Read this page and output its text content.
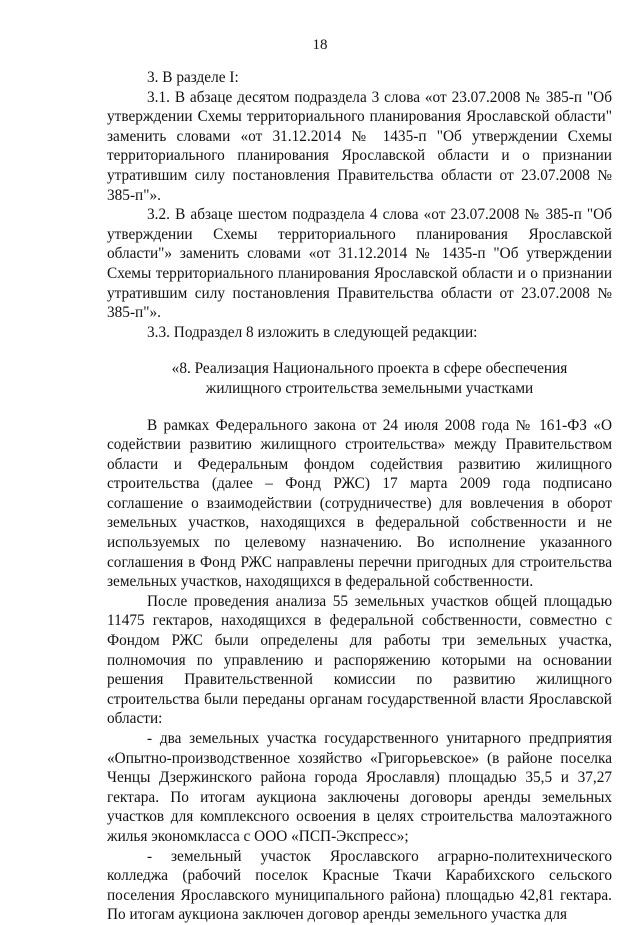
18

3. В разделе I:

3.1. В абзаце десятом подраздела 3 слова «от 23.07.2008 № 385-п "Об утверждении Схемы территориального планирования Ярославской области" заменить словами «от 31.12.2014 № 1435-п "Об утверждении Схемы территориального планирования Ярославской области и о признании утратившим силу постановления Правительства области от 23.07.2008 № 385-п"».

3.2. В абзаце шестом подраздела 4 слова «от 23.07.2008 № 385-п "Об утверждении Схемы территориального планирования Ярославской области"» заменить словами «от 31.12.2014 № 1435-п "Об утверждении Схемы территориального планирования Ярославской области и о признании утратившим силу постановления Правительства области от 23.07.2008 № 385-п"».

3.3. Подраздел 8 изложить в следующей редакции:

«8. Реализация Национального проекта в сфере обеспечения
жилищного строительства земельными участками

В рамках Федерального закона от 24 июля 2008 года № 161-ФЗ «О содействии развитию жилищного строительства» между Правительством области и Федеральным фондом содействия развитию жилищного строительства (далее – Фонд РЖС) 17 марта 2009 года подписано соглашение о взаимодействии (сотрудничестве) для вовлечения в оборот земельных участков, находящихся в федеральной собственности и не используемых по целевому назначению. Во исполнение указанного соглашения в Фонд РЖС направлены перечни пригодных для строительства земельных участков, находящихся в федеральной собственности.

После проведения анализа 55 земельных участков общей площадью 11475 гектаров, находящихся в федеральной собственности, совместно с Фондом РЖС были определены для работы три земельных участка, полномочия по управлению и распоряжению которыми на основании решения Правительственной комиссии по развитию жилищного строительства были переданы органам государственной власти Ярославской области:

- два земельных участка государственного унитарного предприятия «Опытно-производственное хозяйство «Григорьевское» (в районе поселка Ченцы Дзержинского района города Ярославля) площадью 35,5 и 37,27 гектара. По итогам аукциона заключены договоры аренды земельных участков для комплексного освоения в целях строительства малоэтажного жилья экономкласса с ООО «ПСП-Экспресс»;

- земельный участок Ярославского аграрно-политехнического колледжа (рабочий поселок Красные Ткачи Карабихского сельского поселения Ярославского муниципального района) площадью 42,81 гектара. По итогам аукциона заключен договор аренды земельного участка для
